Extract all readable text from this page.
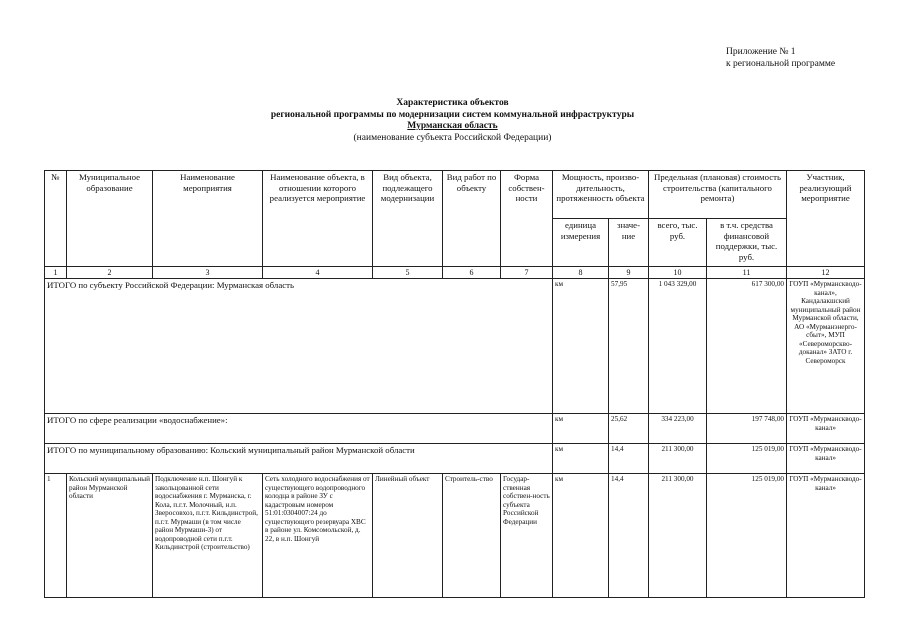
Приложение № 1
к региональной программе
Характеристика объектов
региональной программы по модернизации систем коммунальной инфраструктуры
Мурманская область
(наименование субъекта Российской Федерации)
№	Муниципальное образование	Наименование мероприятия	Наименование объекта, в отношении которого реализуется мероприятие	Вид объекта, подлежащего модернизации	Вид работ по объекту	Форма собствен-ности	Мощность, произво-дительность, протяженность объекта		Предельная (плановая) стоимость строительства (капитального ремонта)		Участник, реализующий мероприятие
							единица измерения	значе-ние	всего, тыс. руб.	в т.ч. средства финансовой поддержки, тыс. руб.	
1	2	3	4	5	6	7	8	9	10	11	12
ИТОГО по субъекту Российской Федерации: Мурманская область							км	57,95	1 043 329,00	617 300,00	ГОУП «Мурманскводо-канал», Кандалакшский муниципальный район Мурманской области, АО «Мурманэнерго-сбыт», МУП «Североморскво-доканал» ЗАТО г. Североморск
ИТОГО по сфере реализации «водоснабжение»:							км	25,62	334 223,00	197 748,00	ГОУП «Мурманскводо-канал»
ИТОГО по муниципальному образованию: Кольский муниципальный район Мурманской области							км	14,4	211 300,00	125 019,00	ГОУП «Мурманскводо-канал»
1	Кольский муниципальный район Мурманской области	Подключение н.п. Шонгуй к закольцованной сети водоснабжения г. Мурманска, г. Кола, п.г.т. Молочный, н.п. Зверосовхоз, п.г.т. Кильдинстрой, п.г.т. Мурмаши (в том числе район Мурмаши-3) от водопроводной сети п.г.т. Кильдинстрой (строительство)	Сеть холодного водоснабжения от существующего водопроводного колодца в районе ЗУ с кадастровым номером 51:01:0304007:24 до существующего резервуара ХВС в районе ул. Комсомольской, д. 22, в н.п. Шонгуй	Линейный объект	Строитель-ство	Государ-ственная собствен-ность субъекта Российской Федерации	км	14,4	211 300,00	125 019,00	ГОУП «Мурманскводо-канал»
